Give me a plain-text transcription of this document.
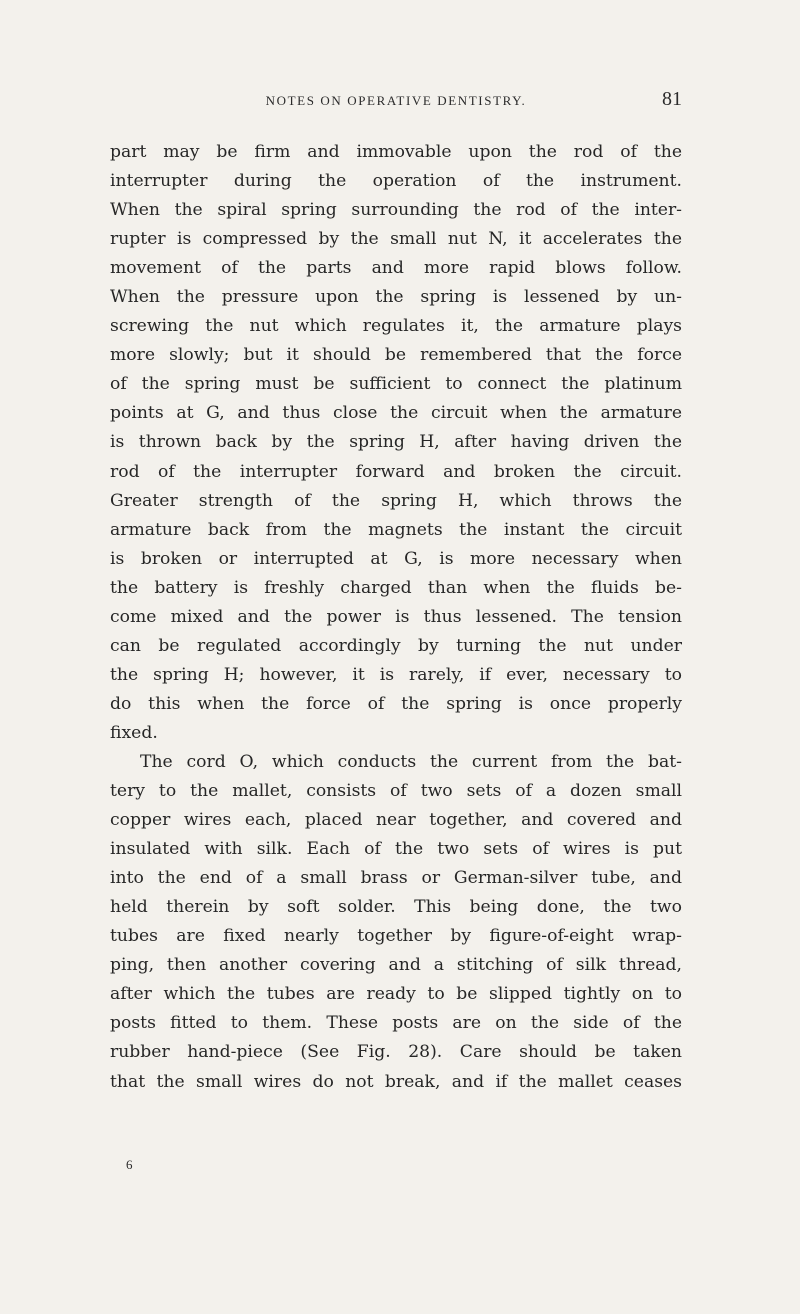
NOTES ON OPERATIVE DENTISTRY.	81
part may be firm and immovable upon the rod of the
interrupter during the operation of the instrument.
When the spiral spring surrounding the rod of the inter-
rupter is compressed by the small nut N, it accelerates the
movement of the parts and more rapid blows follow.
When the pressure upon the spring is lessened by un-
screwing the nut which regulates it, the armature plays
more slowly; but it should be remembered that the force
of the spring must be sufficient to connect the platinum
points at G, and thus close the circuit when the armature
is thrown back by the spring H, after having driven the
rod of the interrupter forward and broken the circuit.
Greater strength of the spring H, which throws the
armature back from the magnets the instant the circuit
is broken or interrupted at G, is more necessary when
the battery is freshly charged than when the fluids be-
come mixed and the power is thus lessened. The tension
can be regulated accordingly by turning the nut under
the spring H; however, it is rarely, if ever, necessary to
do this when the force of the spring is once properly
fixed.
The cord O, which conducts the current from the bat-
tery to the mallet, consists of two sets of a dozen small
copper wires each, placed near together, and covered and
insulated with silk. Each of the two sets of wires is put
into the end of a small brass or German-silver tube, and
held therein by soft solder. This being done, the two
tubes are fixed nearly together by figure-of-eight wrap-
ping, then another covering and a stitching of silk thread,
after which the tubes are ready to be slipped tightly on to
posts fitted to them. These posts are on the side of the
rubber hand-piece (See Fig. 28). Care should be taken
that the small wires do not break, and if the mallet ceases
6
